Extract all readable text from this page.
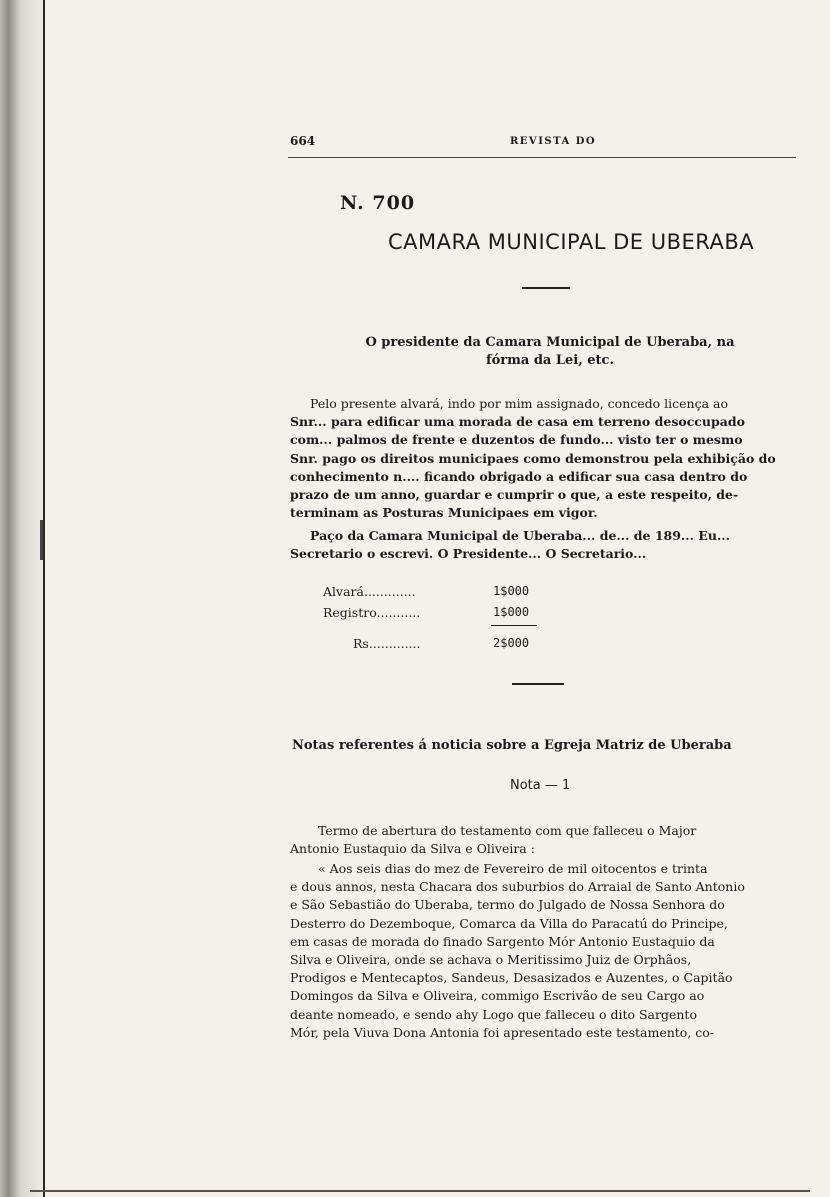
664	REVISTA DO
N. 700
CAMARA MUNICIPAL DE UBERABA
O presidente da Camara Municipal de Uberaba, na
fórma da Lei, etc.
Pelo presente alvará, indo por mim assignado, concedo licença ao
Snr... para edificar uma morada de casa em terreno desoccupado
com... palmos de frente e duzentos de fundo... visto ter o mesmo
Snr. pago os direitos municipaes como demonstrou pela exhibição do
conhecimento n.... ficando obrigado a edificar sua casa dentro do
prazo de um anno, guardar e cumprir o que, a este respeito, de-
terminam as Posturas Municipaes em vigor.
Paço da Camara Municipal de Uberaba... de... de 189... Eu...
Secretario o escrevi. O Presidente... O Secretario...
Alvará.............	1$000
Registro...........	1$000
Rs.............	2$000
Notas referentes á noticia sobre a Egreja Matriz de Uberaba
Nota — 1
Termo de abertura do testamento com que falleceu o Major
Antonio Eustaquio da Silva e Oliveira :
« Aos seis dias do mez de Fevereiro de mil oitocentos e trinta
e dous annos, nesta Chacara dos suburbios do Arraial de Santo Antonio
e São Sebastião do Uberaba, termo do Julgado de Nossa Senhora do
Desterro do Dezemboque, Comarca da Villa do Paracatú do Principe,
em casas de morada do finado Sargento Mór Antonio Eustaquio da
Silva e Oliveira, onde se achava o Meritissimo Juiz de Orphãos,
Prodigos e Mentecaptos, Sandeus, Desasizados e Auzentes, o Capitão
Domingos da Silva e Oliveira, commigo Escrivão de seu Cargo ao
deante nomeado, e sendo ahy Logo que falleceu o dito Sargento
Mór, pela Viuva Dona Antonia foi apresentado este testamento, co-
